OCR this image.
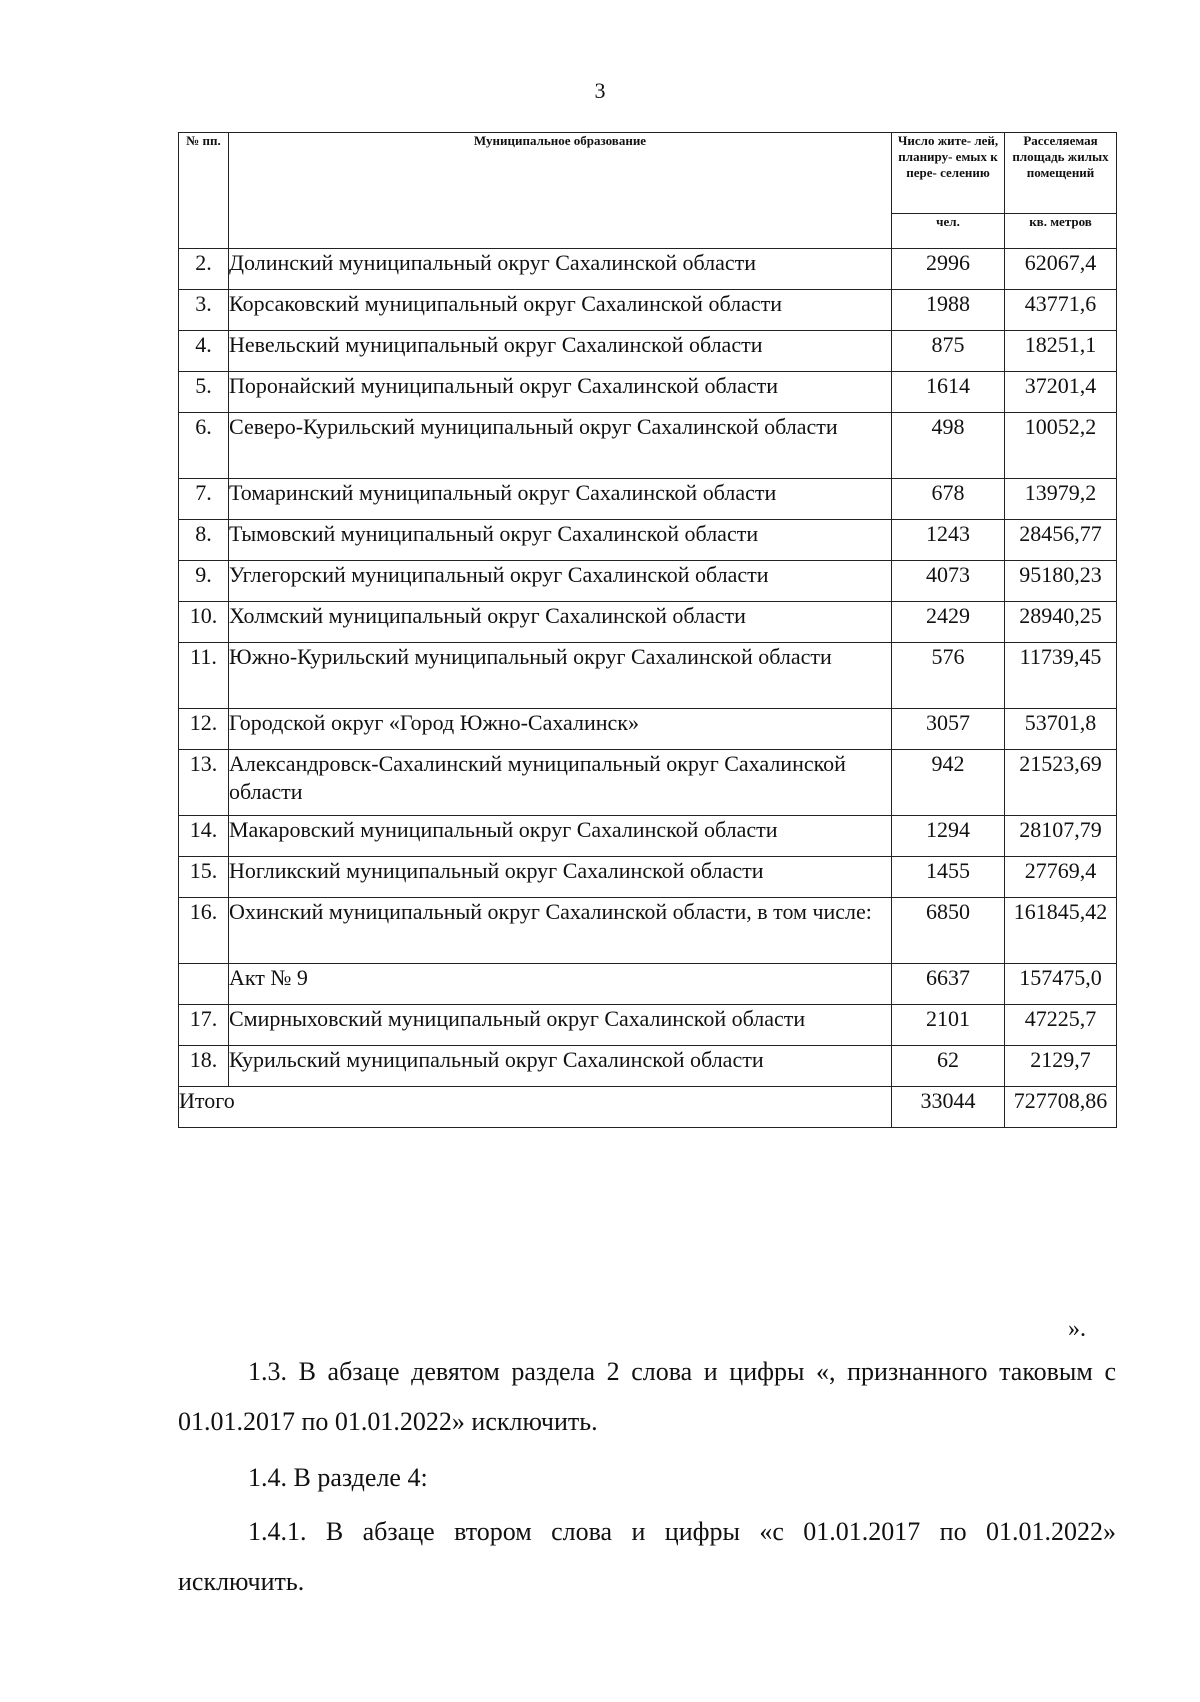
3
№ пп.	Муниципальное образование	Число жите- лей, планиру- емых к пере- селению	Расселяемая площадь жилых помещений
		чел.	кв. метров
2.	Долинский муниципальный округ Сахалинской области	2996	62067,4
3.	Корсаковский муниципальный округ Сахалинской области	1988	43771,6
4.	Невельский муниципальный округ Сахалинской области	875	18251,1
5.	Поронайский муниципальный округ Сахалинской области	1614	37201,4
6.	Северо-Курильский муниципальный округ Сахалинской области	498	10052,2
7.	Томаринский муниципальный округ Сахалинской области	678	13979,2
8.	Тымовский муниципальный округ Сахалинской области	1243	28456,77
9.	Углегорский муниципальный округ Сахалинской области	4073	95180,23
10.	Холмский муниципальный округ Сахалинской области	2429	28940,25
11.	Южно-Курильский муниципальный округ Сахалинской области	576	11739,45
12.	Городской округ «Город Южно-Сахалинск»	3057	53701,8
13.	Александровск-Сахалинский муниципальный округ Сахалинской области	942	21523,69
14.	Макаровский муниципальный округ Сахалинской области	1294	28107,79
15.	Ногликский муниципальный округ Сахалинской области	1455	27769,4
16.	Охинский муниципальный округ Сахалинской области, в том числе:	6850	161845,42
	Акт № 9	6637	157475,0
17.	Смирныховский муниципальный округ Сахалинской области	2101	47225,7
18.	Курильский муниципальный округ Сахалинской области	62	2129,7
Итого		33044	727708,86
».
1.3. В абзаце девятом раздела 2 слова и цифры «, признанного таковым с 01.01.2017 по 01.01.2022» исключить.
1.4. В разделе 4:
1.4.1. В абзаце втором слова и цифры «с 01.01.2017 по 01.01.2022» исключить.
